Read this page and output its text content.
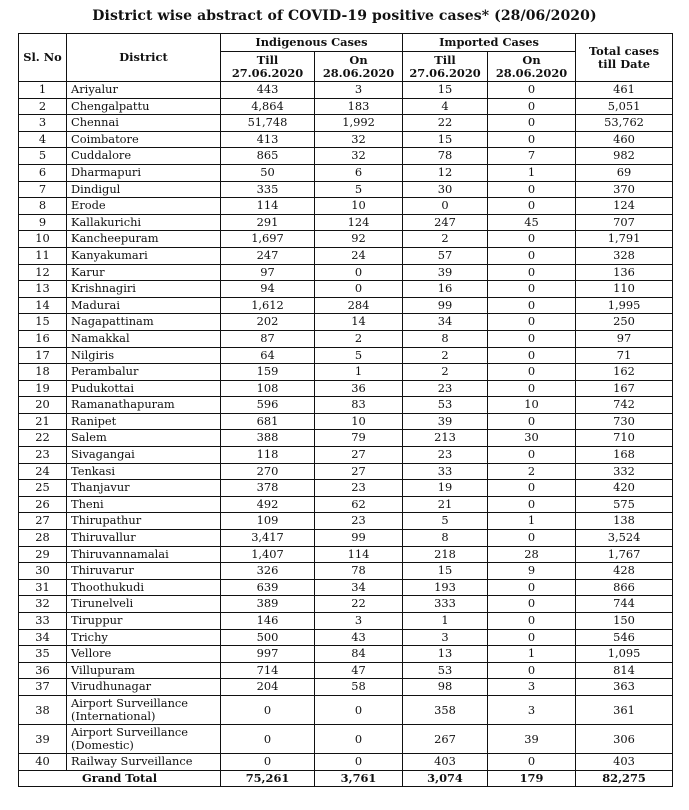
District wise abstract of COVID-19 positive cases* (28/06/2020)
Sl. No	District	Indigenous Cases		Imported Cases		Total cases till Date
		Till 27.06.2020	On 28.06.2020	Till 27.06.2020	On 28.06.2020	
1	Ariyalur	443	3	15	0	461
2	Chengalpattu	4,864	183	4	0	5,051
3	Chennai	51,748	1,992	22	0	53,762
4	Coimbatore	413	32	15	0	460
5	Cuddalore	865	32	78	7	982
6	Dharmapuri	50	6	12	1	69
7	Dindigul	335	5	30	0	370
8	Erode	114	10	0	0	124
9	Kallakurichi	291	124	247	45	707
10	Kancheepuram	1,697	92	2	0	1,791
11	Kanyakumari	247	24	57	0	328
12	Karur	97	0	39	0	136
13	Krishnagiri	94	0	16	0	110
14	Madurai	1,612	284	99	0	1,995
15	Nagapattinam	202	14	34	0	250
16	Namakkal	87	2	8	0	97
17	Nilgiris	64	5	2	0	71
18	Perambalur	159	1	2	0	162
19	Pudukottai	108	36	23	0	167
20	Ramanathapuram	596	83	53	10	742
21	Ranipet	681	10	39	0	730
22	Salem	388	79	213	30	710
23	Sivagangai	118	27	23	0	168
24	Tenkasi	270	27	33	2	332
25	Thanjavur	378	23	19	0	420
26	Theni	492	62	21	0	575
27	Thirupathur	109	23	5	1	138
28	Thiruvallur	3,417	99	8	0	3,524
29	Thiruvannamalai	1,407	114	218	28	1,767
30	Thiruvarur	326	78	15	9	428
31	Thoothukudi	639	34	193	0	866
32	Tirunelveli	389	22	333	0	744
33	Tiruppur	146	3	1	0	150
34	Trichy	500	43	3	0	546
35	Vellore	997	84	13	1	1,095
36	Villupuram	714	47	53	0	814
37	Virudhunagar	204	58	98	3	363
38	Airport Surveillance (International)	0	0	358	3	361
39	Airport Surveillance (Domestic)	0	0	267	39	306
40	Railway Surveillance	0	0	403	0	403
Grand Total		75,261	3,761	3,074	179	82,275
